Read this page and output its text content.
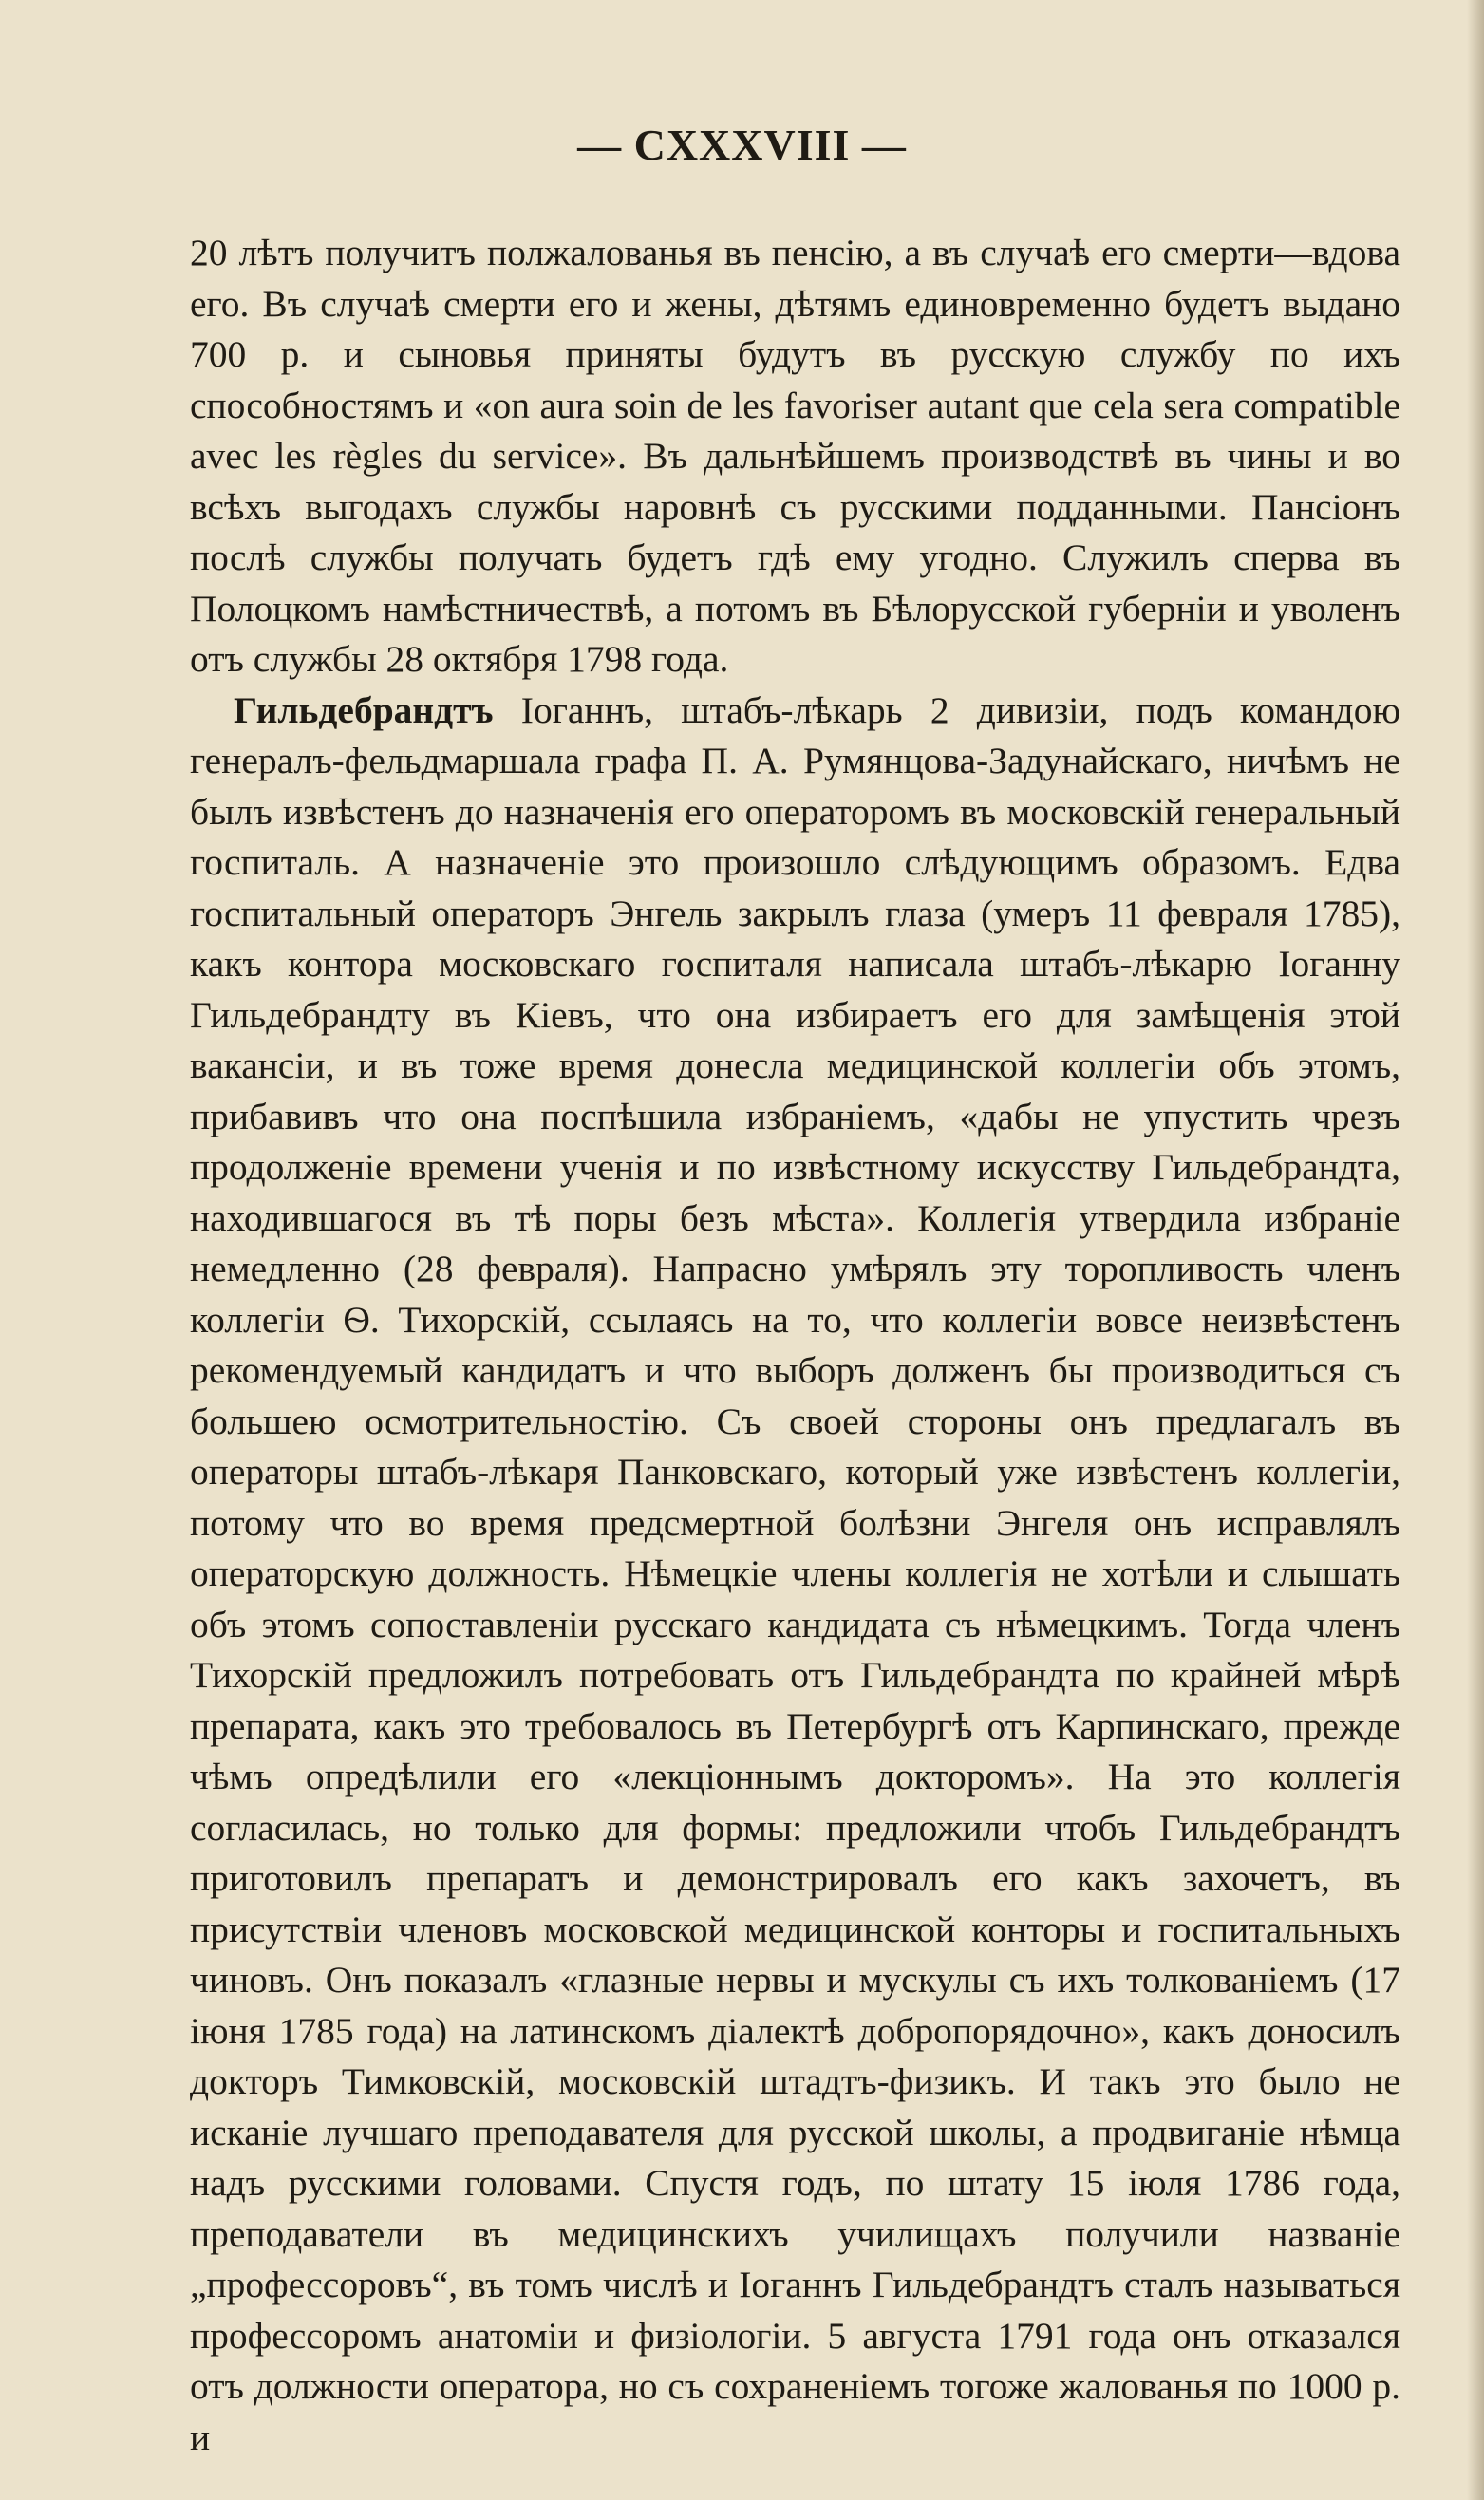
— CXXXVIII —

20 лѣтъ получитъ полжалованья въ пенсію, а въ случаѣ его смерти—вдова его. Въ случаѣ смерти его и жены, дѣтямъ единовременно будетъ выдано 700 р. и сыновья приняты будутъ въ русскую службу по ихъ способностямъ и «on aura soin de les favoriser autant que cela sera compatible avec les règles du service». Въ дальнѣйшемъ производствѣ въ чины и во всѣхъ выгодахъ службы наровнѣ съ русскими подданными. Пансіонъ послѣ службы получать будетъ гдѣ ему угодно. Служилъ сперва въ Полоцкомъ намѣстничествѣ, а потомъ въ Бѣлорусской губерніи и уволенъ отъ службы 28 октября 1798 года.

Гильдебрандтъ Іоганнъ, штабъ-лѣкарь 2 дивизіи, подъ командою генералъ-фельдмаршала графа П. А. Румянцова-Задунайскаго, ничѣмъ не былъ извѣстенъ до назначенія его операторомъ въ московскій генеральный госпиталь. А назначеніе это произошло слѣдующимъ образомъ. Едва госпитальный операторъ Энгель закрылъ глаза (умеръ 11 февраля 1785), какъ контора московскаго госпиталя написала штабъ-лѣкарю Іоганну Гильдебрандту въ Кіевъ, что она избираетъ его для замѣщенія этой вакансіи, и въ тоже время донесла медицинской коллегіи объ этомъ, прибавивъ что она поспѣшила избраніемъ, «дабы не упустить чрезъ продолженіе времени ученія и по извѣстному искусству Гильдебрандта, находившагося въ тѣ поры безъ мѣста». Коллегія утвердила избраніе немедленно (28 февраля). Напрасно умѣрялъ эту торопливость членъ коллегіи Ѳ. Тихорскій, ссылаясь на то, что коллегіи вовсе неизвѣстенъ рекомендуемый кандидатъ и что выборъ долженъ бы производиться съ большею осмотрительностію. Съ своей стороны онъ предлагалъ въ операторы штабъ-лѣкаря Панковскаго, который уже извѣстенъ коллегіи, потому что во время предсмертной болѣзни Энгеля онъ исправлялъ операторскую должность. Нѣмецкіе члены коллегія не хотѣли и слышать объ этомъ сопоставленіи русскаго кандидата съ нѣмецкимъ. Тогда членъ Тихорскій предложилъ потребовать отъ Гильдебрандта по крайней мѣрѣ препарата, какъ это требовалось въ Петербургѣ отъ Карпинскаго, прежде чѣмъ опредѣлили его «лекціоннымъ докторомъ». На это коллегія согласилась, но только для формы: предложили чтобъ Гильдебрандтъ приготовилъ препаратъ и демонстрировалъ его какъ захочетъ, въ присутствіи членовъ московской медицинской конторы и госпитальныхъ чиновъ. Онъ показалъ «глазные нервы и мускулы съ ихъ толкованіемъ (17 іюня 1785 года) на латинскомъ діалектѣ добропорядочно», какъ доносилъ докторъ Тимковскій, московскій штадтъ-физикъ. И такъ это было не исканіе лучшаго преподавателя для русской школы, а продвиганіе нѣмца надъ русскими головами. Спустя годъ, по штату 15 іюля 1786 года, преподаватели въ медицинскихъ училищахъ получили названіе „профессоровъ“, въ томъ числѣ и Іоганнъ Гильдебрандтъ сталъ называться профессоромъ анатоміи и физіологіи. 5 августа 1791 года онъ отказался отъ должности оператора, но съ сохраненіемъ тогоже жалованья по 1000 р. и
